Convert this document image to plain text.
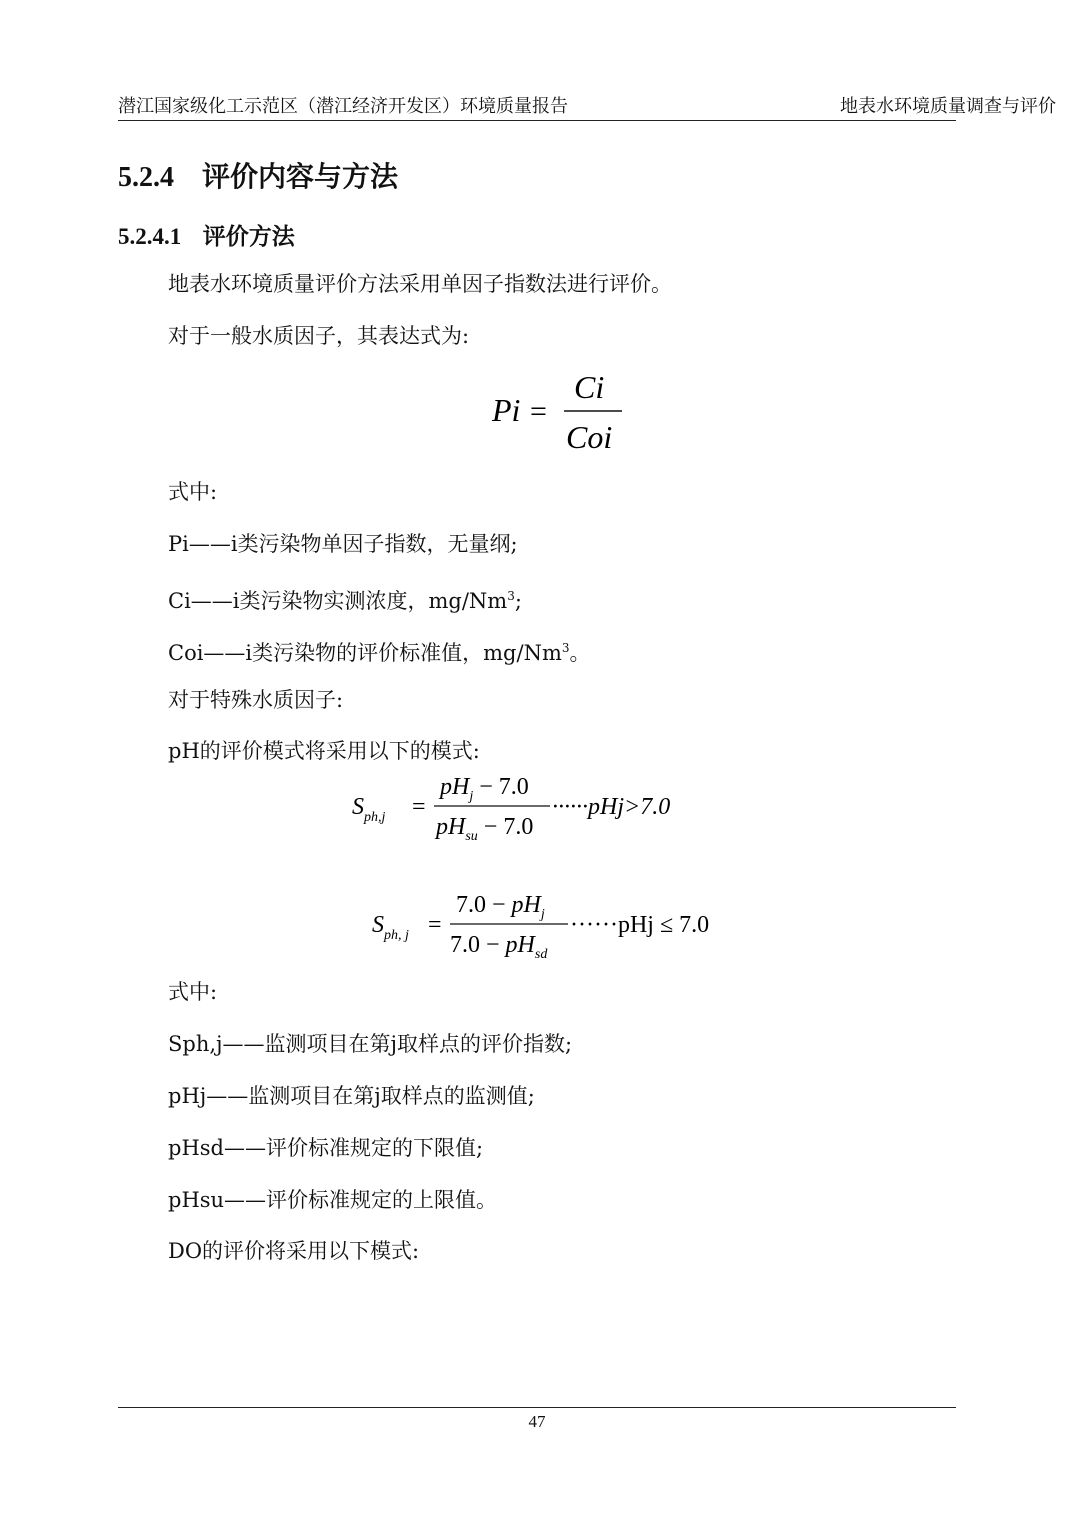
潜江国家级化工示范区（潜江经济开发区）环境质量报告	地表水环境质量调查与评价
5.2.4 评价内容与方法
5.2.4.1 评价方法
地表水环境质量评价方法采用单因子指数法进行评价。
对于一般水质因子，其表达式为:
Pi =
Ci
Coi
式中:
Pi——i类污染物单因子指数，无量纲;
Ci——i类污染物实测浓度，mg/Nm$^3$;
Coi——i类污染物的评价标准值，mg/Nm$^3$。
对于特殊水质因子:
pH的评价模式将采用以下的模式:
$S_{ph,j}$ =
$pH_j - 7.0$
$pH_{su} - 7.0$
······pHj>7.0
$S_{ph, j}$ =
$7.0 - pH_j$
$7.0 - pH_{sd}$
······pHj ≤ 7.0
式中:
Sph,j——监测项目在第j取样点的评价指数;
pHj——监测项目在第j取样点的监测值;
pHsd——评价标准规定的下限值;
pHsu——评价标准规定的上限值。
DO的评价将采用以下模式:
47
